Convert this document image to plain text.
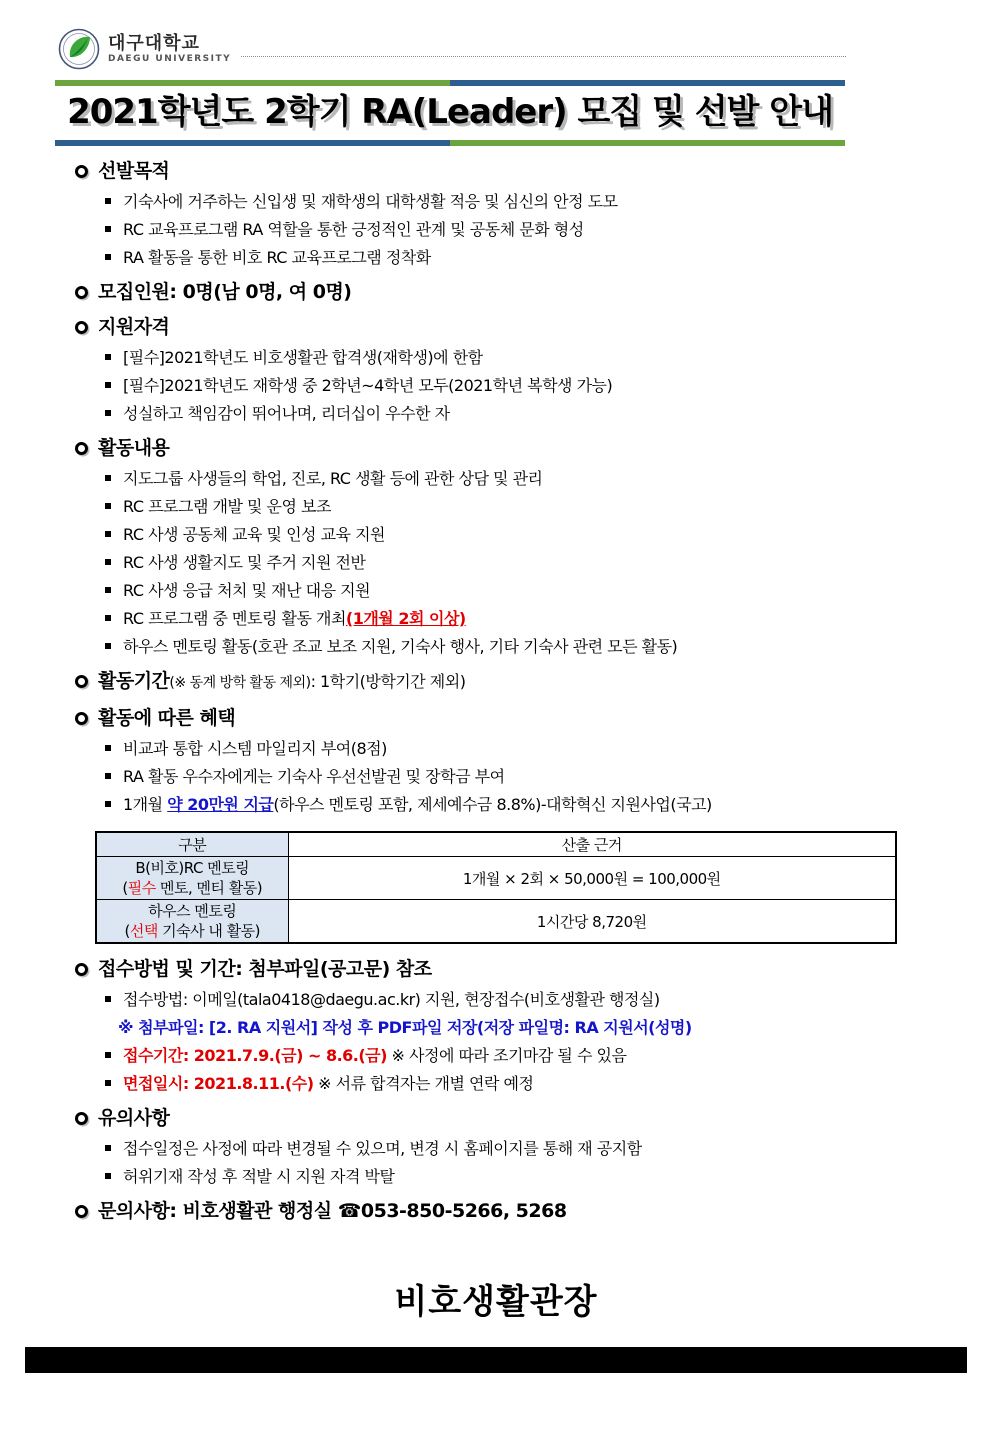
대구대학교
DAEGU UNIVERSITY
2021학년도 2학기 RA(Leader) 모집 및 선발 안내
선발목적
기숙사에 거주하는 신입생 및 재학생의 대학생활 적응 및 심신의 안정 도모
RC 교육프로그램 RA 역할을 통한 긍정적인 관계 및 공동체 문화 형성
RA 활동을 통한 비호 RC 교육프로그램 정착화
모집인원: 0명(남 0명, 여 0명)
지원자격
[필수]2021학년도 비호생활관 합격생(재학생)에 한함
[필수]2021학년도 재학생 중 2학년~4학년 모두(2021학년 복학생 가능)
성실하고 책임감이 뛰어나며, 리더십이 우수한 자
활동내용
지도그룹 사생들의 학업, 진로, RC 생활 등에 관한 상담 및 관리
RC 프로그램 개발 및 운영 보조
RC 사생 공동체 교육 및 인성 교육 지원
RC 사생 생활지도 및 주거 지원 전반
RC 사생 응급 처치 및 재난 대응 지원
RC 프로그램 중 멘토링 활동 개최(1개월 2회 이상)
하우스 멘토링 활동(호관 조교 보조 지원, 기숙사 행사, 기타 기숙사 관련 모든 활동)
활동기간(※ 동계 방학 활동 제외): 1학기(방학기간 제외)
활동에 따른 혜택
비교과 통합 시스템 마일리지 부여(8점)
RA 활동 우수자에게는 기숙사 우선선발권 및 장학금 부여
1개월 약 20만원 지급(하우스 멘토링 포함, 제세예수금 8.8%)-대학혁신 지원사업(국고)
구분	산출 근거

B(비호)RC 멘토링
(필수 멘토, 멘티 활동)	1개월 × 2회 × 50,000원 = 100,000원

하우스 멘토링
(선택 기숙사 내 활동)	1시간당 8,720원
접수방법 및 기간: 첨부파일(공고문) 참조
접수방법: 이메일(tala0418@daegu.ac.kr) 지원, 현장접수(비호생활관 행정실)
※ 첨부파일: [2. RA 지원서] 작성 후 PDF파일 저장(저장 파일명: RA 지원서(성명)
접수기간: 2021.7.9.(금) ~ 8.6.(금) ※ 사정에 따라 조기마감 될 수 있음
면접일시: 2021.8.11.(수) ※ 서류 합격자는 개별 연락 예정
유의사항
접수일정은 사정에 따라 변경될 수 있으며, 변경 시 홈페이지를 통해 재 공지함
허위기재 작성 후 적발 시 지원 자격 박탈
문의사항: 비호생활관 행정실 ☎053-850-5266, 5268
비호생활관장
